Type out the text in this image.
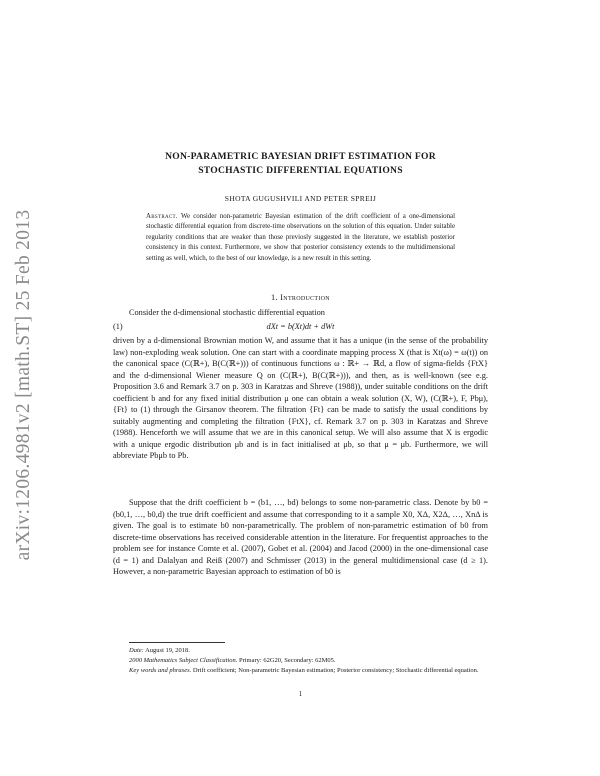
arXiv:1206.4981v2 [math.ST] 25 Feb 2013
NON-PARAMETRIC BAYESIAN DRIFT ESTIMATION FOR
STOCHASTIC DIFFERENTIAL EQUATIONS
SHOTA GUGUSHVILI AND PETER SPREIJ
Abstract. We consider non-parametric Bayesian estimation of the drift coefficient of a one-dimensional stochastic differential equation from discrete-time observations on the solution of this equation. Under suitable regularity conditions that are weaker than those previosly suggested in the literature, we establish posterior consistency in this context. Furthermore, we show that posterior consistency extends to the multidimensional setting as well, which, to the best of our knowledge, is a new result in this setting.
1. Introduction
Consider the d-dimensional stochastic differential equation
(1)	dXt = b(Xt)dt + dWt
driven by a d-dimensional Brownian motion W, and assume that it has a unique (in the sense of the probability law) non-exploding weak solution. One can start with a coordinate mapping process X (that is Xt(ω) = ω(t)) on the canonical space (C(ℝ+), B(C(ℝ+))) of continuous functions ω : ℝ+ → ℝd, a flow of sigma-fields {FtX} and the d-dimensional Wiener measure Q on (C(ℝ+), B(C(ℝ+))), and then, as is well-known (see e.g. Proposition 3.6 and Remark 3.7 on p. 303 in Karatzas and Shreve (1988)), under suitable conditions on the drift coefficient b and for any fixed initial distribution μ one can obtain a weak solution (X, W), (C(ℝ+), F, Pbμ), {Ft} to (1) through the Girsanov theorem. The filtration {Ft} can be made to satisfy the usual conditions by suitably augmenting and completing the filtration {FtX}, cf. Remark 3.7 on p. 303 in Karatzas and Shreve (1988). Henceforth we will assume that we are in this canonical setup. We will also assume that X is ergodic with a unique ergodic distribution μb and is in fact initialised at μb, so that μ = μb. Furthermore, we will abbreviate Pbμb to Pb.
Suppose that the drift coefficient b = (b1, …, bd) belongs to some non-parametric class. Denote by b0 = (b0,1, …, b0,d) the true drift coefficient and assume that corresponding to it a sample X0, XΔ, X2Δ, …, XnΔ is given. The goal is to estimate b0 non-parametrically. The problem of non-parametric estimation of b0 from discrete-time observations has received considerable attention in the literature. For frequentist approaches to the problem see for instance Comte et al. (2007), Gobet et al. (2004) and Jacod (2000) in the one-dimensional case (d = 1) and Dalalyan and Reiß (2007) and Schmisser (2013) in the general multidimensional case (d ≥ 1). However, a non-parametric Bayesian approach to estimation of b0 is
Date: August 19, 2018.
2000 Mathematics Subject Classification. Primary: 62G20, Secondary: 62M05.
Key words and phrases. Drift coefficient; Non-parametric Bayesian estimation; Posterior consistency; Stochastic differential equation.
1
